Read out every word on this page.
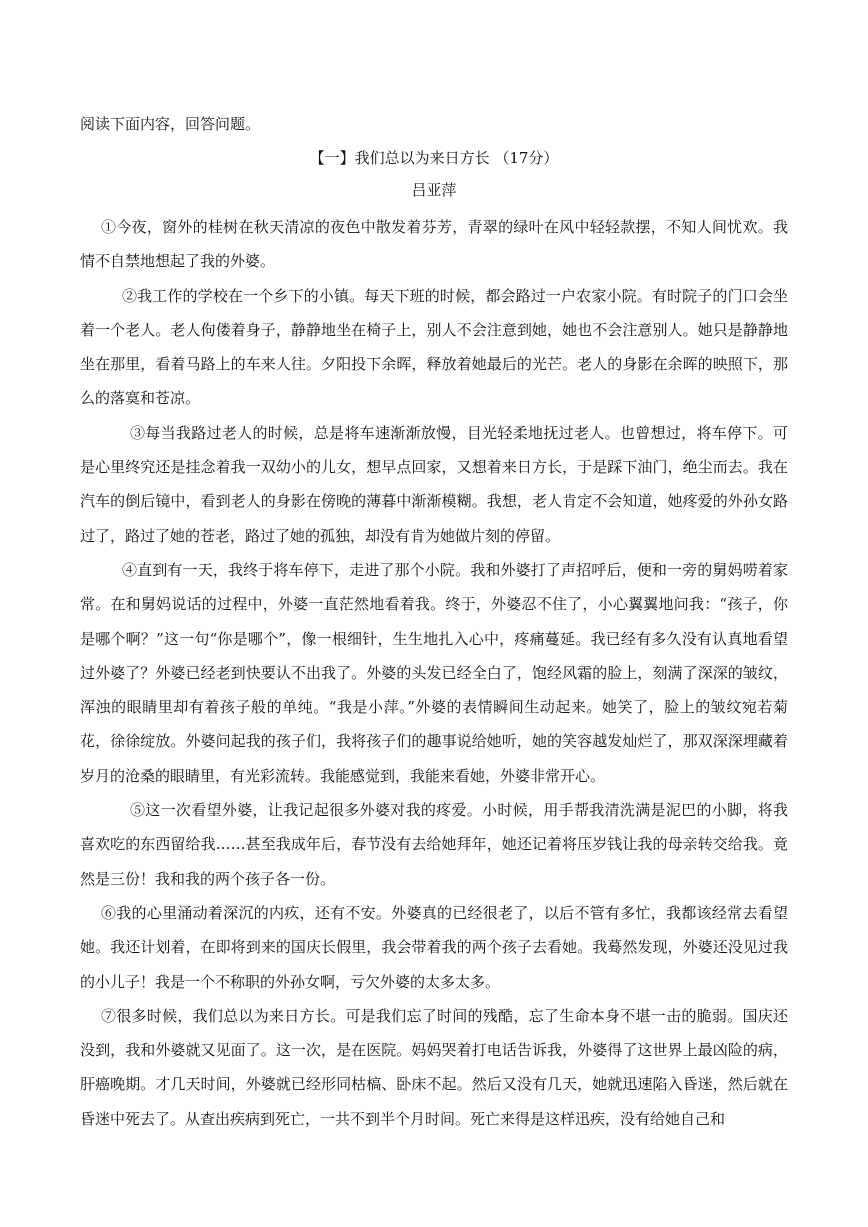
阅读下面内容，回答问题。
【一】我们总以为来日方长 （17分）
吕亚萍

①今夜，窗外的桂树在秋天清凉的夜色中散发着芬芳，青翠的绿叶在风中轻轻款摆，不知人间忧欢。我情不自禁地想起了我的外婆。

②我工作的学校在一个乡下的小镇。每天下班的时候，都会路过一户农家小院。有时院子的门口会坐着一个老人。老人佝偻着身子，静静地坐在椅子上，别人不会注意到她，她也不会注意别人。她只是静静地坐在那里，看着马路上的车来人往。夕阳投下余晖，释放着她最后的光芒。老人的身影在余晖的映照下，那么的落寞和苍凉。

③每当我路过老人的时候，总是将车速渐渐放慢，目光轻柔地抚过老人。也曾想过，将车停下。可是心里终究还是挂念着我一双幼小的儿女，想早点回家，又想着来日方长，于是踩下油门，绝尘而去。我在汽车的倒后镜中，看到老人的身影在傍晚的薄暮中渐渐模糊。我想，老人肯定不会知道，她疼爱的外孙女路过了，路过了她的苍老，路过了她的孤独，却没有肯为她做片刻的停留。

④直到有一天，我终于将车停下，走进了那个小院。我和外婆打了声招呼后，便和一旁的舅妈唠着家常。在和舅妈说话的过程中，外婆一直茫然地看着我。终于，外婆忍不住了，小心翼翼地问我：“孩子，你是哪个啊？”这一句“你是哪个”，像一根细针，生生地扎入心中，疼痛蔓延。我已经有多久没有认真地看望过外婆了？外婆已经老到快要认不出我了。外婆的头发已经全白了，饱经风霜的脸上，刻满了深深的皱纹，浑浊的眼睛里却有着孩子般的单纯。“我是小萍。”外婆的表情瞬间生动起来。她笑了，脸上的皱纹宛若菊花，徐徐绽放。外婆问起我的孩子们，我将孩子们的趣事说给她听，她的笑容越发灿烂了，那双深深埋藏着岁月的沧桑的眼睛里，有光彩流转。我能感觉到，我能来看她，外婆非常开心。

⑤这一次看望外婆，让我记起很多外婆对我的疼爱。小时候，用手帮我清洗满是泥巴的小脚，将我喜欢吃的东西留给我……甚至我成年后，春节没有去给她拜年，她还记着将压岁钱让我的母亲转交给我。竟然是三份！我和我的两个孩子各一份。

⑥我的心里涌动着深沉的内疚，还有不安。外婆真的已经很老了，以后不管有多忙，我都该经常去看望她。我还计划着，在即将到来的国庆长假里，我会带着我的两个孩子去看她。我蓦然发现，外婆还没见过我的小儿子！我是一个不称职的外孙女啊，亏欠外婆的太多太多。

⑦很多时候，我们总以为来日方长。可是我们忘了时间的残酷，忘了生命本身不堪一击的脆弱。国庆还没到，我和外婆就又见面了。这一次，是在医院。妈妈哭着打电话告诉我，外婆得了这世界上最凶险的病，肝癌晚期。才几天时间，外婆就已经形同枯槁、卧床不起。然后又没有几天，她就迅速陷入昏迷，然后就在昏迷中死去了。从查出疾病到死亡，一共不到半个月时间。死亡来得是这样迅疾，没有给她自己和
